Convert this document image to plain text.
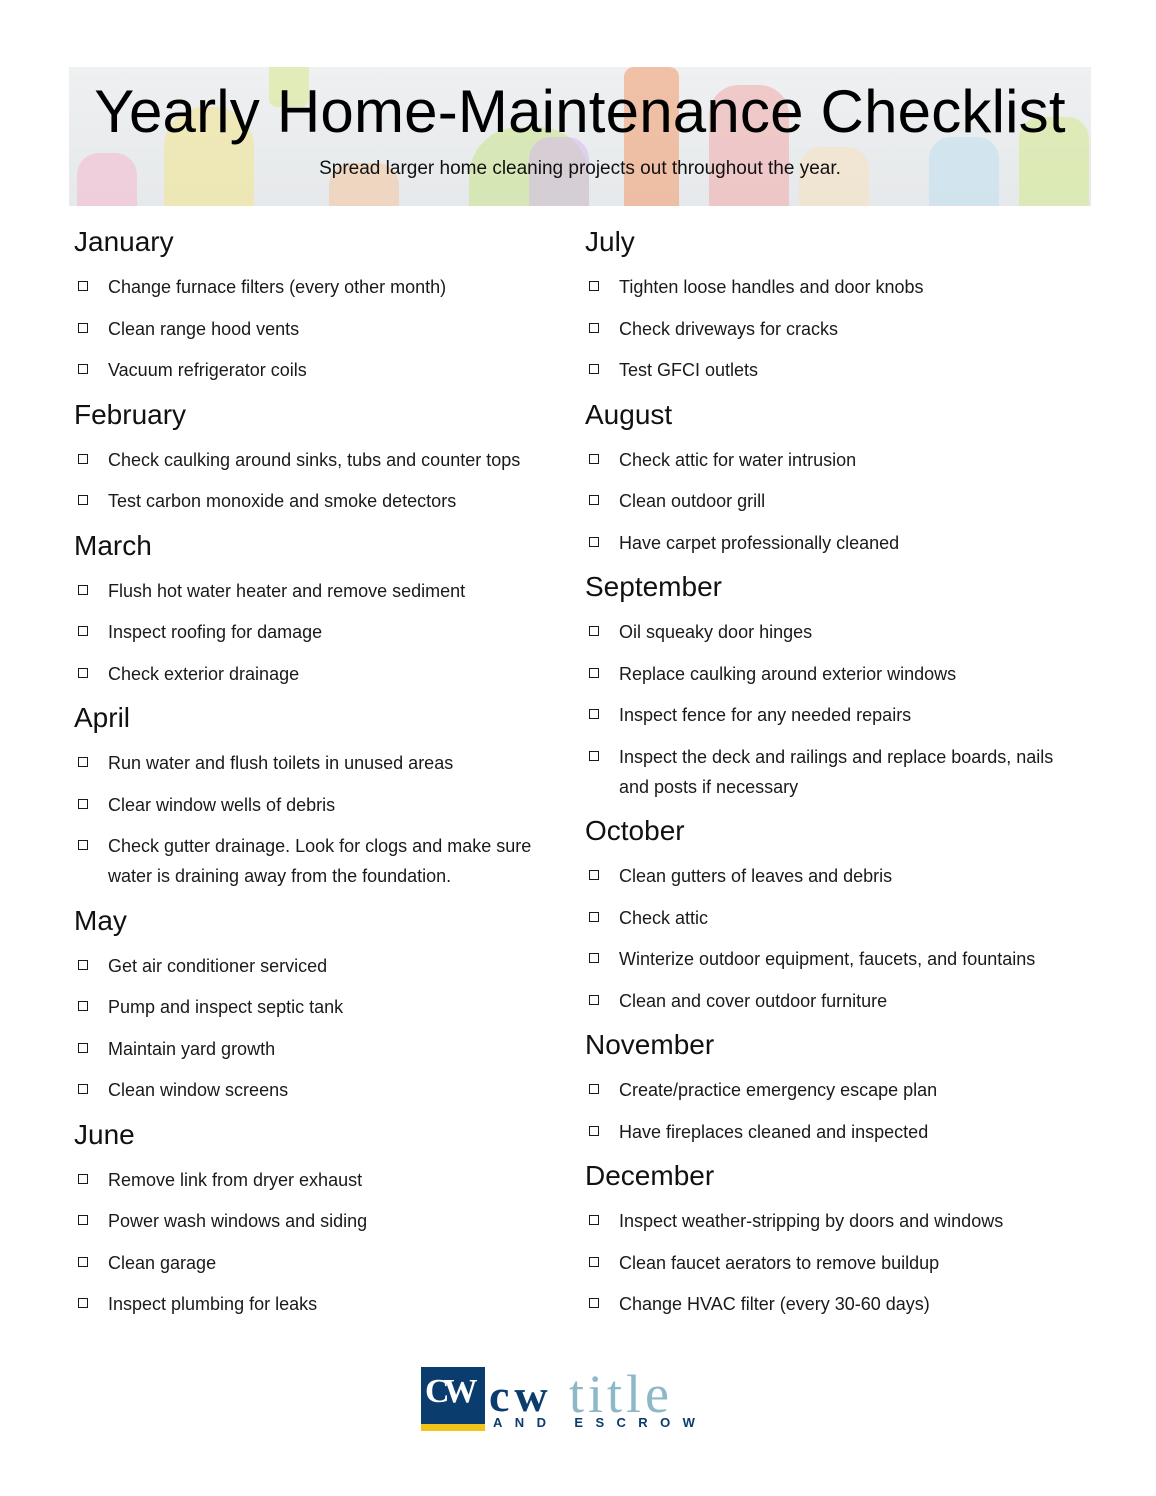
Yearly Home-Maintenance Checklist
Spread larger home cleaning projects out throughout the year.
January
Change furnace filters (every other month)
Clean range hood vents
Vacuum refrigerator coils
February
Check caulking around sinks, tubs and counter tops
Test carbon monoxide and smoke detectors
March
Flush hot water heater and remove sediment
Inspect roofing for damage
Check exterior drainage
April
Run water and flush toilets in unused areas
Clear window wells of debris
Check gutter drainage. Look for clogs and make sure water is draining away from the foundation.
May
Get air conditioner serviced
Pump and inspect septic tank
Maintain yard growth
Clean window screens
June
Remove link from dryer exhaust
Power wash windows and siding
Clean garage
Inspect plumbing for leaks
July
Tighten loose handles and door knobs
Check driveways for cracks
Test GFCI outlets
August
Check attic for water intrusion
Clean outdoor grill
Have carpet professionally cleaned
September
Oil squeaky door hinges
Replace caulking around exterior windows
Inspect fence for any needed repairs
Inspect the deck and railings and replace boards, nails and posts if necessary
October
Clean gutters of leaves and debris
Check attic
Winterize outdoor equipment, faucets, and fountains
Clean and cover outdoor furniture
November
Create/practice emergency escape plan
Have fireplaces cleaned and inspected
December
Inspect weather-stripping by doors and windows
Clean faucet aerators to remove buildup
Change HVAC filter (every 30-60 days)
CW cw title
AND ESCROW
